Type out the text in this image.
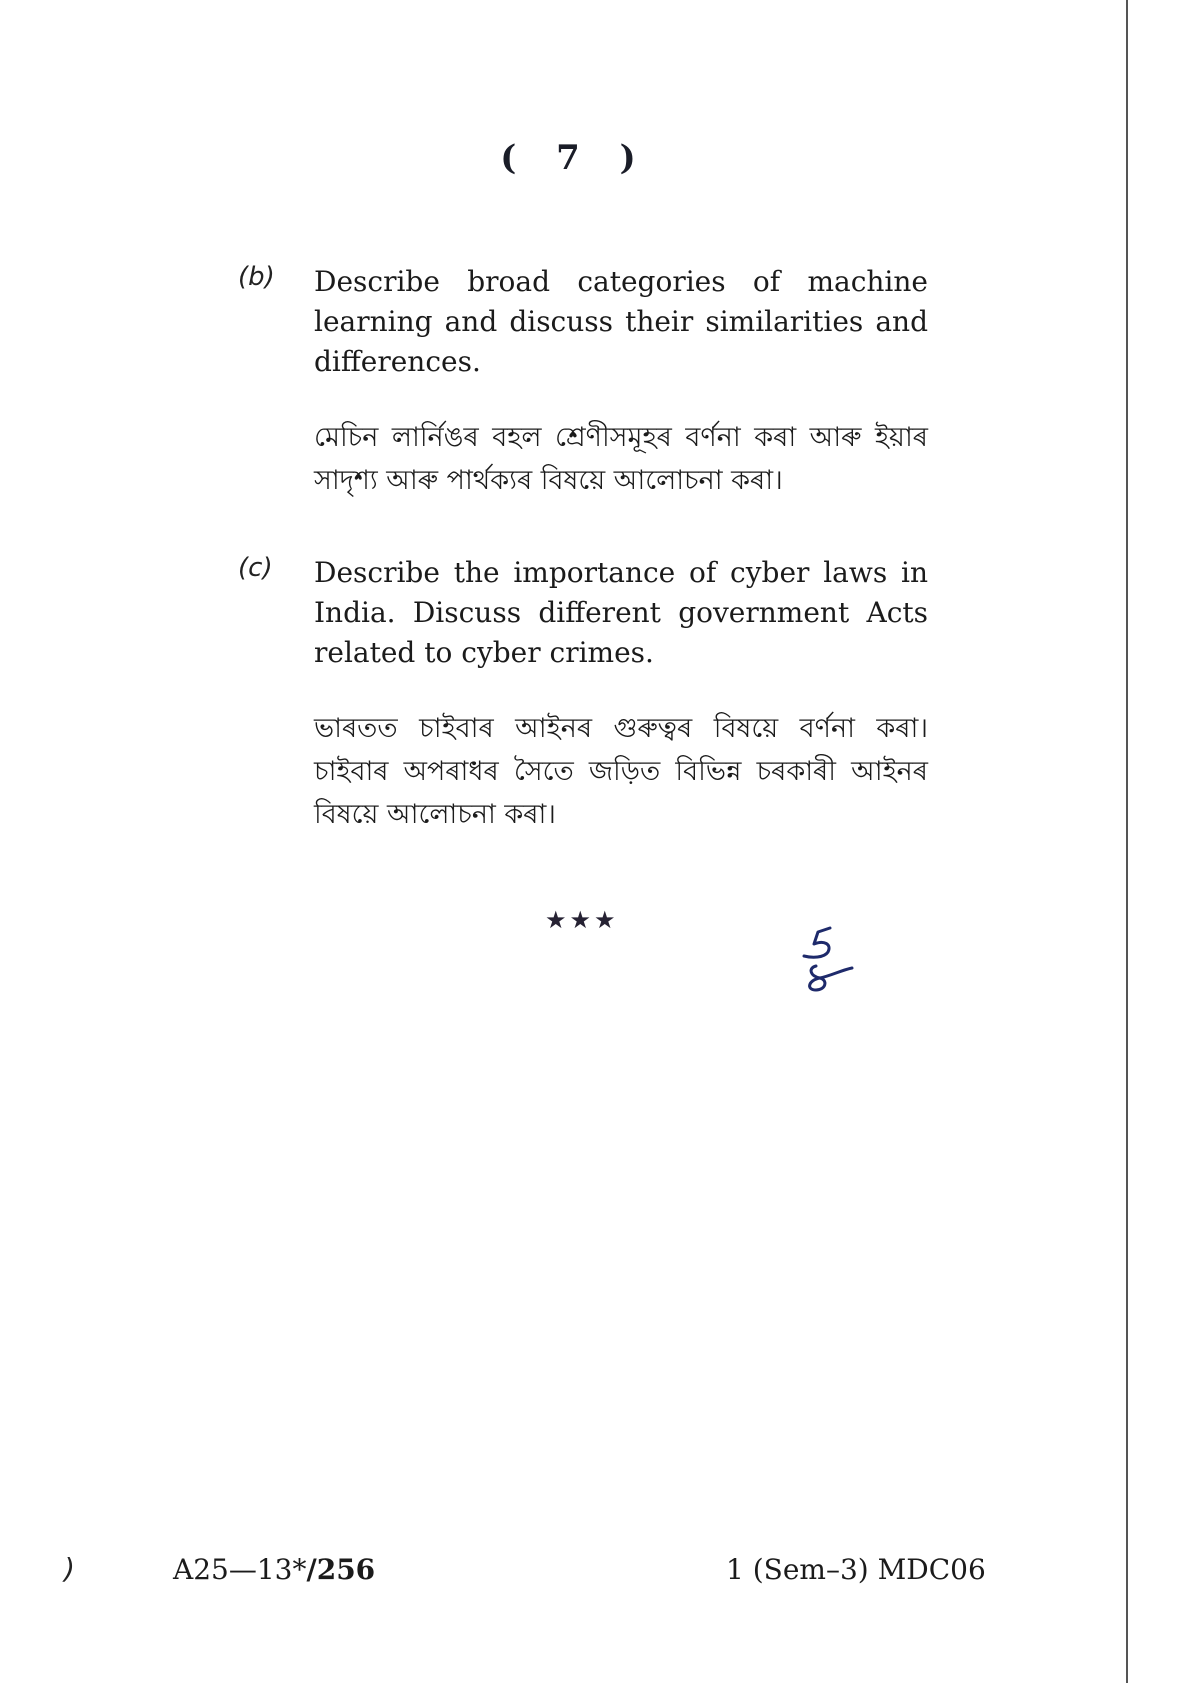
( 7 )
(b) Describe broad categories of machine learning and discuss their similarities and differences.
মেচিন লাৰ্নিঙৰ বহল শ্ৰেণীসমূহৰ বৰ্ণনা কৰা আৰু ইয়াৰ সাদৃশ্য আৰু পাৰ্থক্যৰ বিষয়ে আলোচনা কৰা।
(c) Describe the importance of cyber laws in India. Discuss different government Acts related to cyber crimes.
ভাৰতত চাইবাৰ আইনৰ গুৰুত্বৰ বিষয়ে বৰ্ণনা কৰা। চাইবাৰ অপৰাধৰ সৈতে জড়িত বিভিন্ন চৰকাৰী আইনৰ বিষয়ে আলোচনা কৰা।
★★★
)	A25—13*/256	1 (Sem–3) MDC06
